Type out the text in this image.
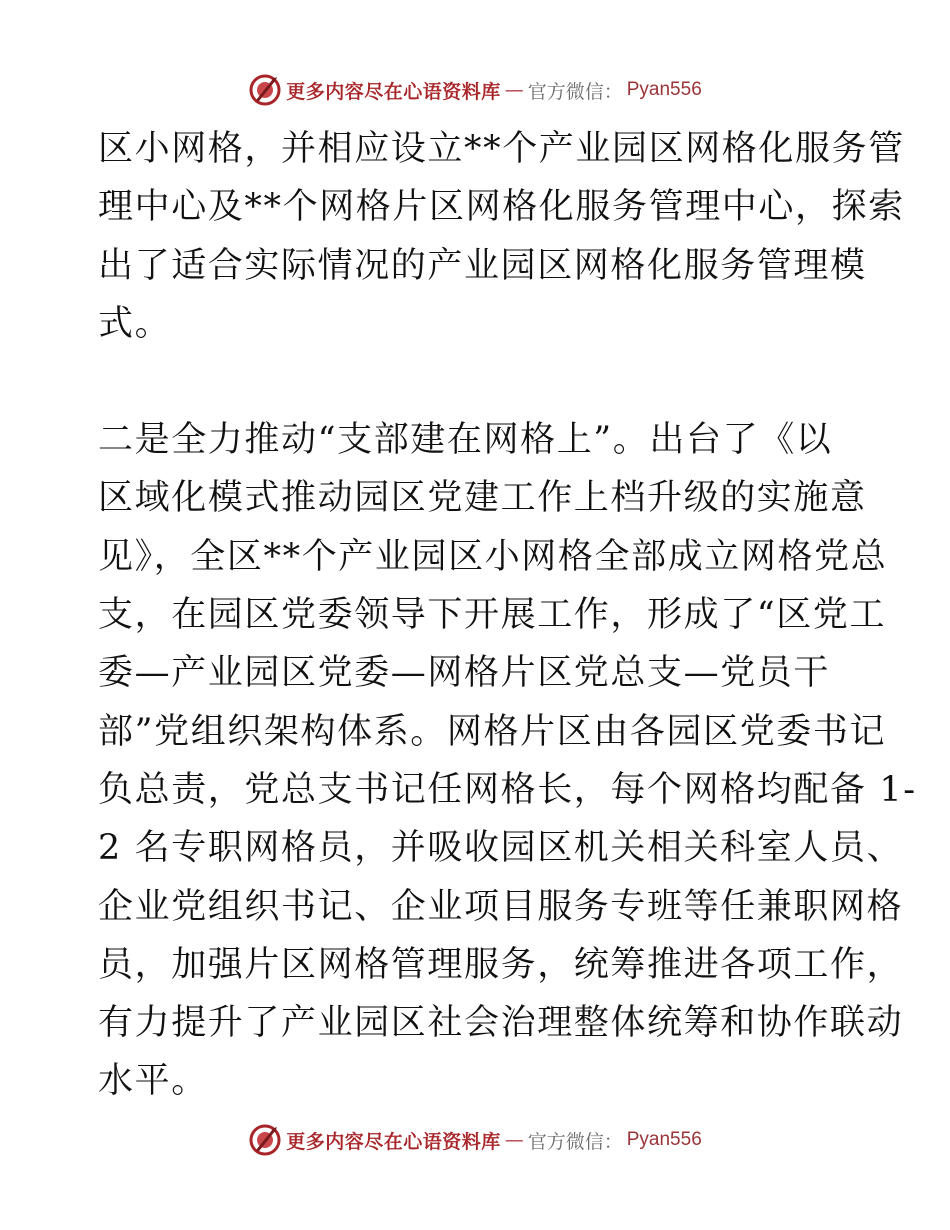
更多内容尽在心语资料库 — 官方微信： Pyan556
区小网格，并相应设立**个产业园区网格化服务管
理中心及**个网格片区网格化服务管理中心，探索
出了适合实际情况的产业园区网格化服务管理模
式。
二是全力推动“支部建在网格上”。出台了《以
区域化模式推动园区党建工作上档升级的实施意
见》，全区**个产业园区小网格全部成立网格党总
支，在园区党委领导下开展工作，形成了“区党工
委—产业园区党委—网格片区党总支—党员干
部”党组织架构体系。网格片区由各园区党委书记
负总责，党总支书记任网格长，每个网格均配备 1-
2 名专职网格员，并吸收园区机关相关科室人员、
企业党组织书记、企业项目服务专班等任兼职网格
员，加强片区网格管理服务，统筹推进各项工作，
有力提升了产业园区社会治理整体统筹和协作联动
水平。
更多内容尽在心语资料库 — 官方微信： Pyan556
